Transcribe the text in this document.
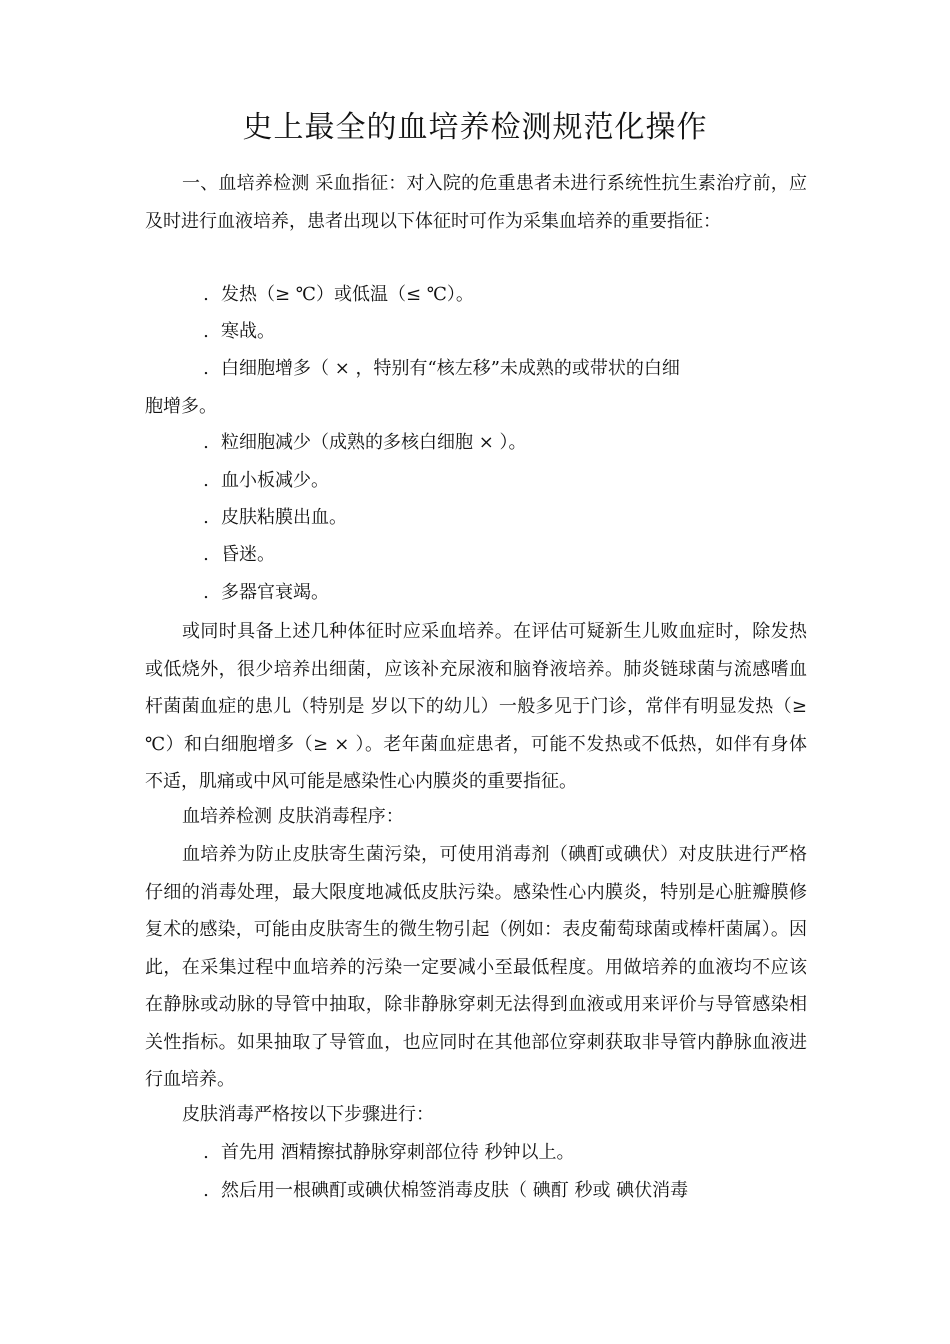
史上最全的血培养检测规范化操作

一、血培养检测 采血指征：对入院的危重患者未进行系统性抗生素治疗前，应及时进行血液培养，患者出现以下体征时可作为采集血培养的重要指征：

. 发热（≥ ℃）或低温（≤ ℃）。
. 寒战。
. 白细胞增多（ × ，特别有“核左移”未成熟的或带状的白细
胞增多。
. 粒细胞减少（成熟的多核白细胞 × ）。
. 血小板减少。
. 皮肤粘膜出血。
. 昏迷。
. 多器官衰竭。

或同时具备上述几种体征时应采血培养。在评估可疑新生儿败血症时，除发热或低烧外，很少培养出细菌，应该补充尿液和脑脊液培养。肺炎链球菌与流感嗜血杆菌菌血症的患儿（特别是 岁以下的幼儿）一般多见于门诊，常伴有明显发热（≥ ℃）和白细胞增多（≥ × ）。老年菌血症患者，可能不发热或不低热，如伴有身体不适，肌痛或中风可能是感染性心内膜炎的重要指征。

血培养检测 皮肤消毒程序：

血培养为防止皮肤寄生菌污染，可使用消毒剂（碘酊或碘伏）对皮肤进行严格仔细的消毒处理，最大限度地减低皮肤污染。感染性心内膜炎，特别是心脏瓣膜修复术的感染，可能由皮肤寄生的微生物引起（例如：表皮葡萄球菌或棒杆菌属）。因此，在采集过程中血培养的污染一定要减小至最低程度。用做培养的血液均不应该在静脉或动脉的导管中抽取，除非静脉穿刺无法得到血液或用来评价与导管感染相关性指标。如果抽取了导管血，也应同时在其他部位穿刺获取非导管内静脉血液进行血培养。

皮肤消毒严格按以下步骤进行：

. 首先用 酒精擦拭静脉穿刺部位待 秒钟以上。
. 然后用一根碘酊或碘伏棉签消毒皮肤（ 碘酊 秒或 碘伏消毒
